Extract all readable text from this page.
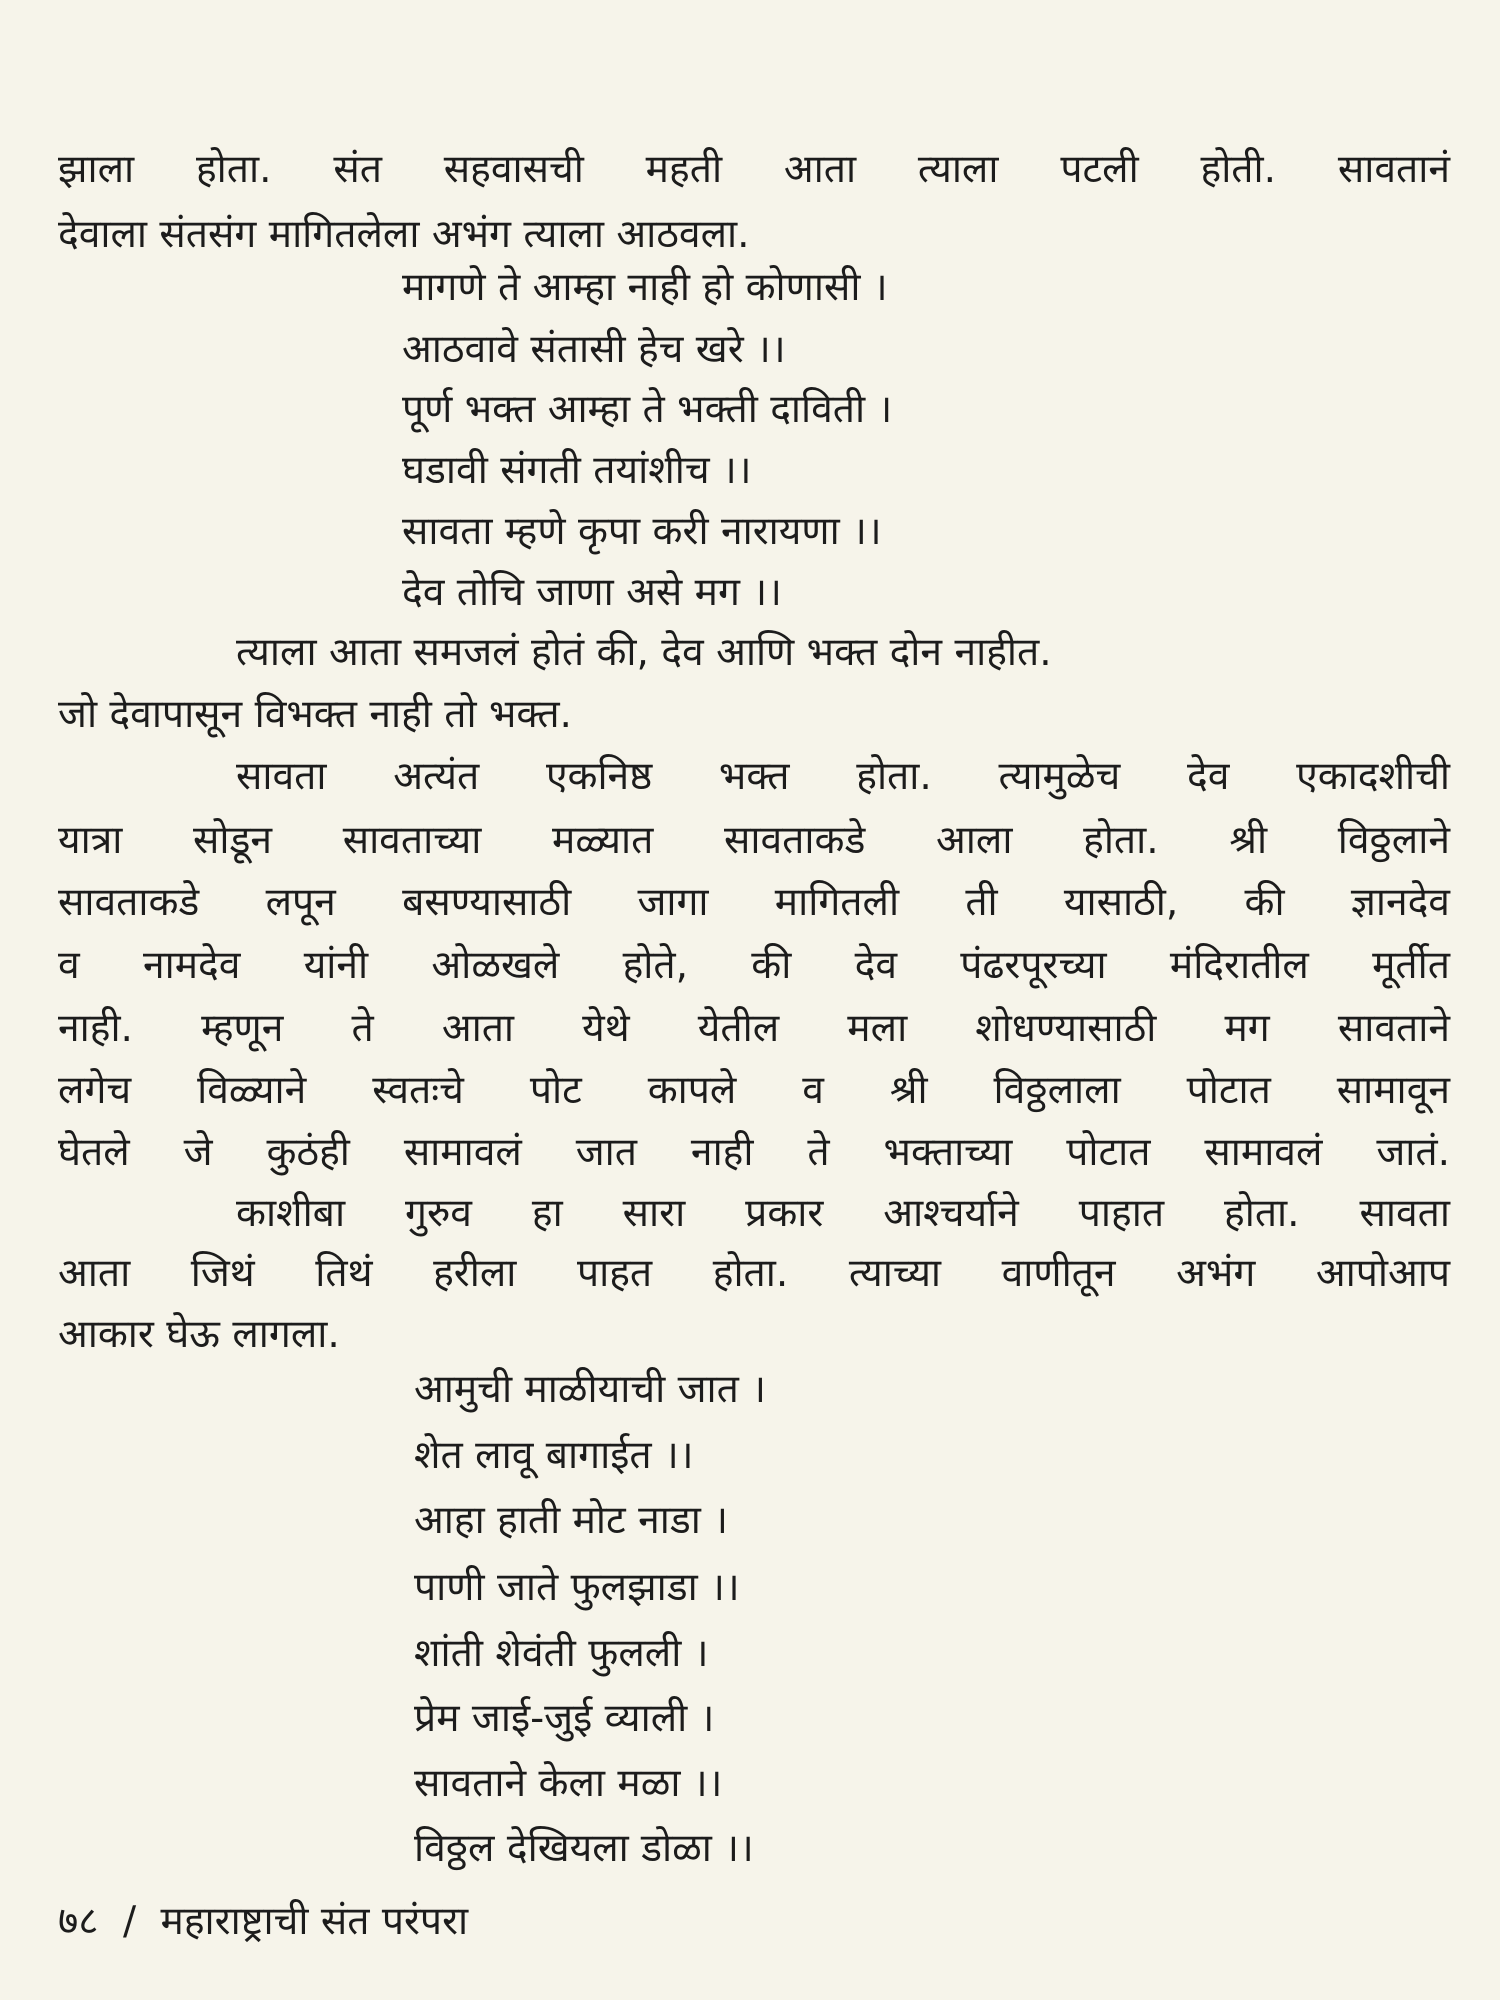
झाला होता. संत सहवासची महती आता त्याला पटली होती. सावतानं
देवाला संतसंग मागितलेला अभंग त्याला आठवला.
मागणे ते आम्हा नाही हो कोणासी ।
आठवावे संतासी हेच खरे ।।
पूर्ण भक्त आम्हा ते भक्ती दाविती ।
घडावी संगती तयांशीच ।।
सावता म्हणे कृपा करी नारायणा ।।
देव तोचि जाणा असे मग ।।
त्याला आता समजलं होतं की, देव आणि भक्त दोन नाहीत.
जो देवापासून विभक्त नाही तो भक्त.
सावता अत्यंत एकनिष्ठ भक्त होता. त्यामुळेच देव एकादशीची
यात्रा सोडून सावताच्या मळ्यात सावताकडे आला होता. श्री विठ्ठलाने
सावताकडे लपून बसण्यासाठी जागा मागितली ती यासाठी, की ज्ञानदेव
व नामदेव यांनी ओळखले होते, की देव पंढरपूरच्या मंदिरातील मूर्तीत
नाही. म्हणून ते आता येथे येतील मला शोधण्यासाठी मग सावताने
लगेच विळ्याने स्वतःचे पोट कापले व श्री विठ्ठलाला पोटात सामावून
घेतले जे कुठंही सामावलं जात नाही ते भक्ताच्या पोटात सामावलं जातं.
काशीबा गुरुव हा सारा प्रकार आश्चर्याने पाहात होता. सावता
आता जिथं तिथं हरीला पाहत होता. त्याच्या वाणीतून अभंग आपोआप
आकार घेऊ लागला.
आमुची माळीयाची जात ।
शेत लावू बागाईत ।।
आहा हाती मोट नाडा ।
पाणी जाते फुलझाडा ।।
शांती शेवंती फुलली ।
प्रेम जाई-जुई व्याली ।
सावताने केला मळा ।।
विठ्ठल देखियला डोळा ।।
७८ / महाराष्ट्राची संत परंपरा
